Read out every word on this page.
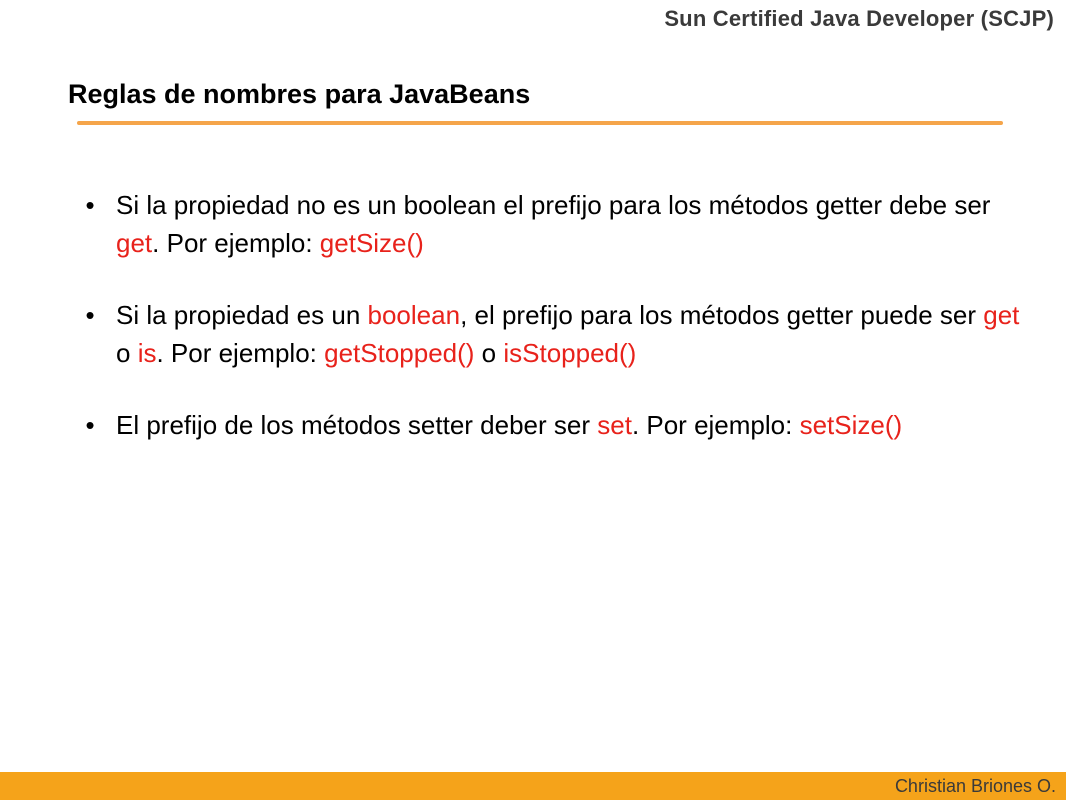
Sun Certified Java Developer (SCJP)
Reglas de nombres para JavaBeans
• Si la propiedad no es un boolean el prefijo para los métodos getter debe ser get. Por ejemplo: getSize()
• Si la propiedad es un boolean, el prefijo para los métodos getter puede ser get o is. Por ejemplo: getStopped() o isStopped()
• El prefijo de los métodos setter deber ser set. Por ejemplo: setSize()
Christian Briones O.
